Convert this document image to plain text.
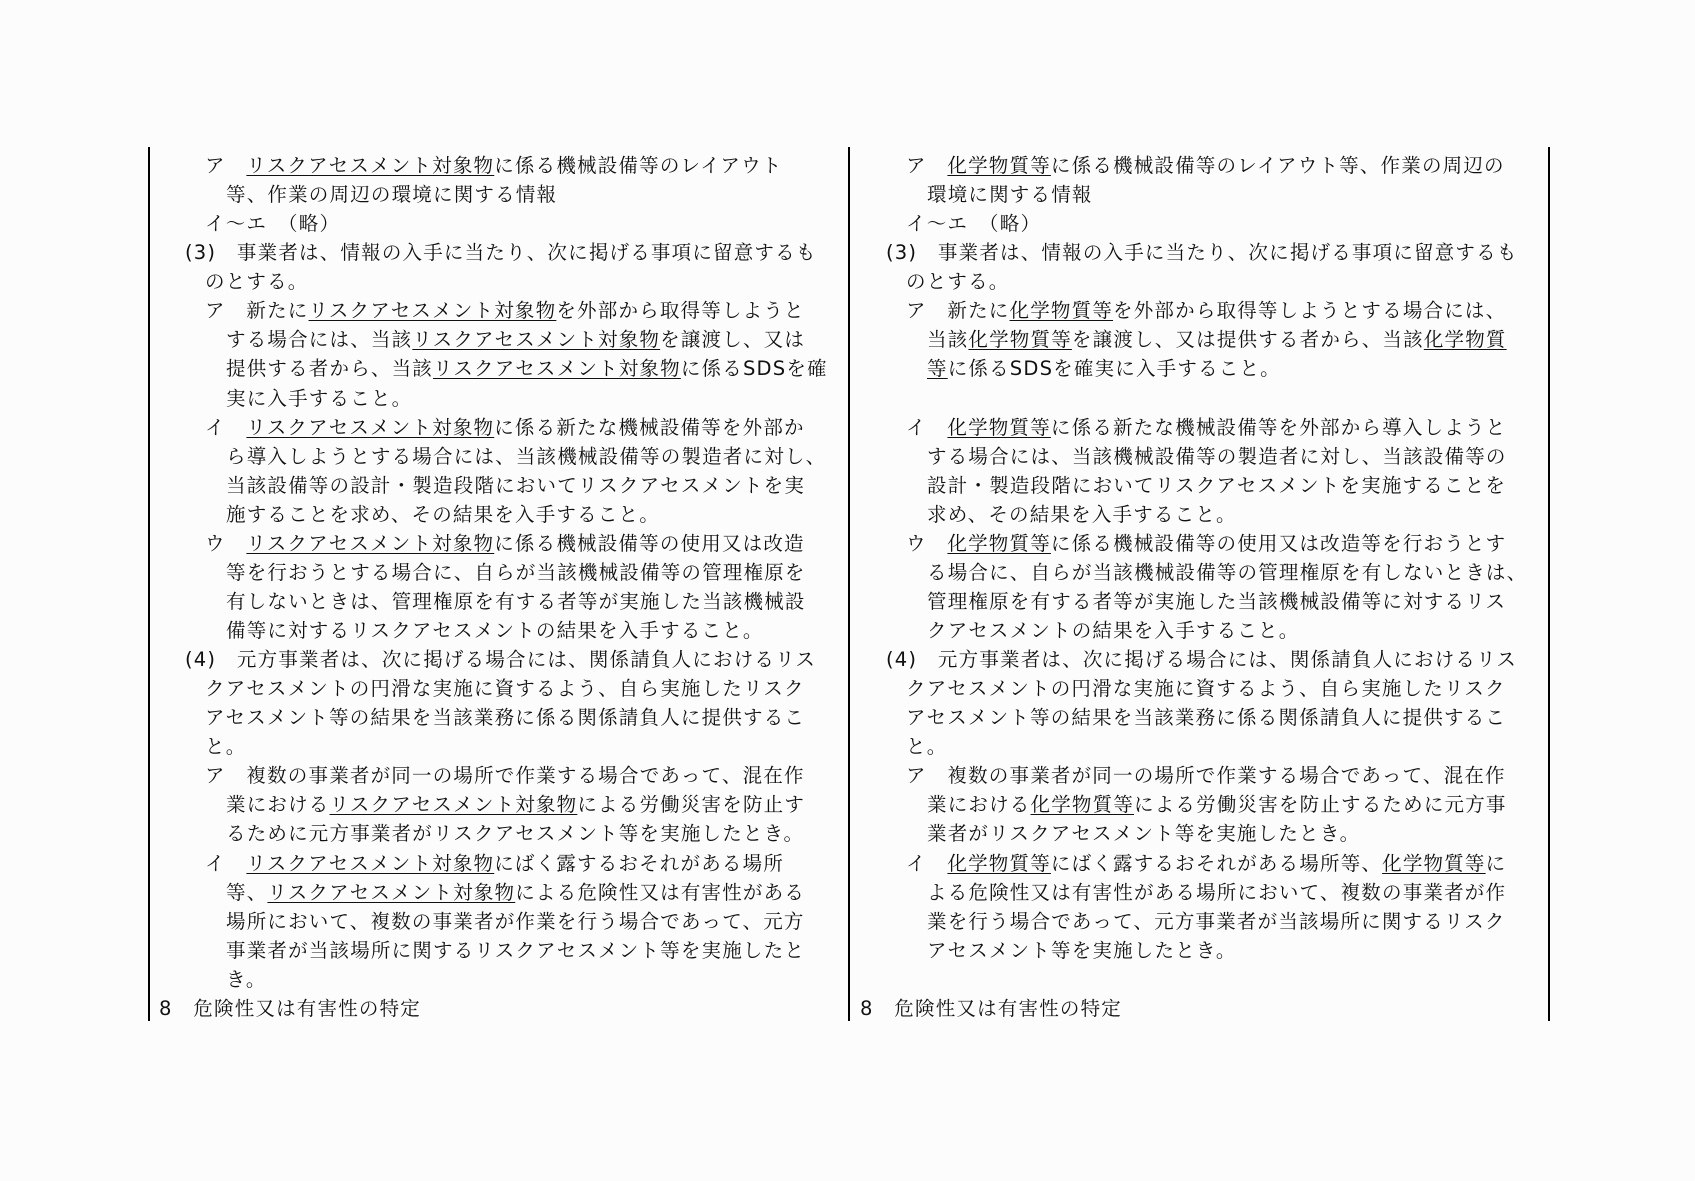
ア　リスクアセスメント対象物に係る機械設備等のレイアウト
等、作業の周辺の環境に関する情報
イ～エ　（略）
(3)　事業者は、情報の入手に当たり、次に掲げる事項に留意するも
のとする。
ア　新たにリスクアセスメント対象物を外部から取得等しようと
する場合には、当該リスクアセスメント対象物を譲渡し、又は
提供する者から、当該リスクアセスメント対象物に係るSDSを確
実に入手すること。
イ　リスクアセスメント対象物に係る新たな機械設備等を外部か
ら導入しようとする場合には、当該機械設備等の製造者に対し、
当該設備等の設計・製造段階においてリスクアセスメントを実
施することを求め、その結果を入手すること。
ウ　リスクアセスメント対象物に係る機械設備等の使用又は改造
等を行おうとする場合に、自らが当該機械設備等の管理権原を
有しないときは、管理権原を有する者等が実施した当該機械設
備等に対するリスクアセスメントの結果を入手すること。
(4)　元方事業者は、次に掲げる場合には、関係請負人におけるリス
クアセスメントの円滑な実施に資するよう、自ら実施したリスク
アセスメント等の結果を当該業務に係る関係請負人に提供するこ
と。
ア　複数の事業者が同一の場所で作業する場合であって、混在作
業におけるリスクアセスメント対象物による労働災害を防止す
るために元方事業者がリスクアセスメント等を実施したとき。
イ　リスクアセスメント対象物にばく露するおそれがある場所
等、リスクアセスメント対象物による危険性又は有害性がある
場所において、複数の事業者が作業を行う場合であって、元方
事業者が当該場所に関するリスクアセスメント等を実施したと
き。
8　危険性又は有害性の特定
ア　化学物質等に係る機械設備等のレイアウト等、作業の周辺の
環境に関する情報
イ～エ　（略）
(3)　事業者は、情報の入手に当たり、次に掲げる事項に留意するも
のとする。
ア　新たに化学物質等を外部から取得等しようとする場合には、
当該化学物質等を譲渡し、又は提供する者から、当該化学物質
等に係るSDSを確実に入手すること。
イ　化学物質等に係る新たな機械設備等を外部から導入しようと
する場合には、当該機械設備等の製造者に対し、当該設備等の
設計・製造段階においてリスクアセスメントを実施することを
求め、その結果を入手すること。
ウ　化学物質等に係る機械設備等の使用又は改造等を行おうとす
る場合に、自らが当該機械設備等の管理権原を有しないときは、
管理権原を有する者等が実施した当該機械設備等に対するリス
クアセスメントの結果を入手すること。
(4)　元方事業者は、次に掲げる場合には、関係請負人におけるリス
クアセスメントの円滑な実施に資するよう、自ら実施したリスク
アセスメント等の結果を当該業務に係る関係請負人に提供するこ
と。
ア　複数の事業者が同一の場所で作業する場合であって、混在作
業における化学物質等による労働災害を防止するために元方事
業者がリスクアセスメント等を実施したとき。
イ　化学物質等にばく露するおそれがある場所等、化学物質等に
よる危険性又は有害性がある場所において、複数の事業者が作
業を行う場合であって、元方事業者が当該場所に関するリスク
アセスメント等を実施したとき。
8　危険性又は有害性の特定
